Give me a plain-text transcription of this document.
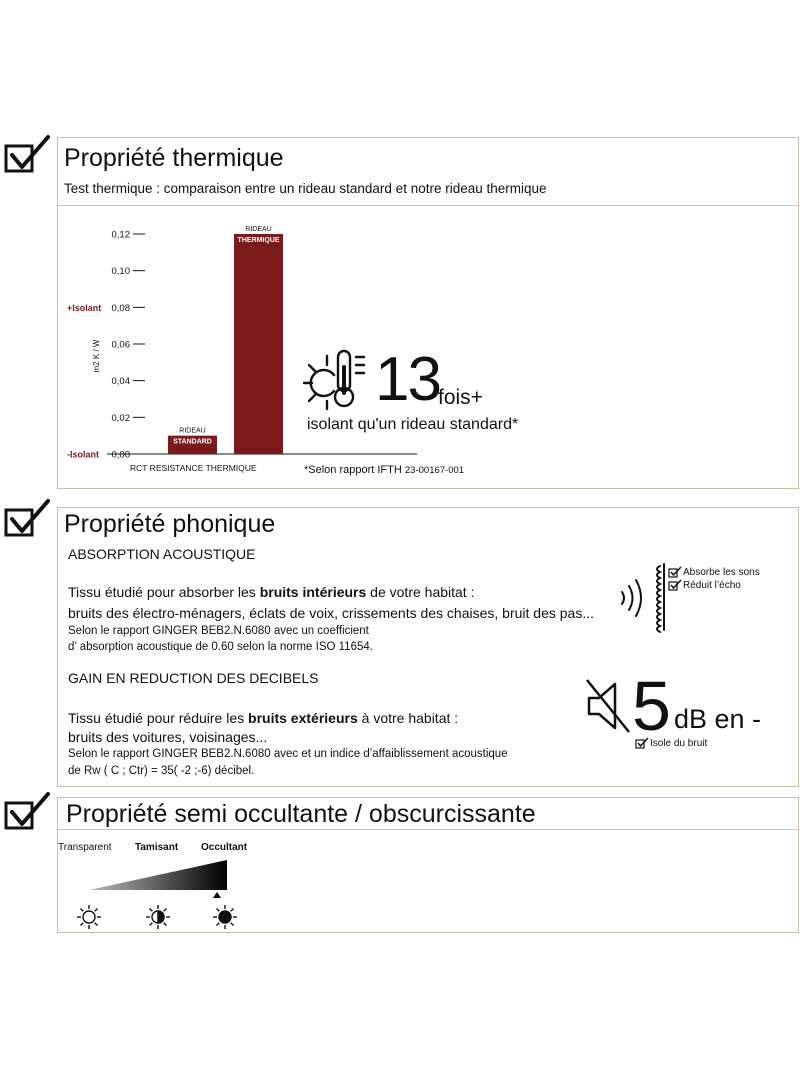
Propriété thermique
Test thermique : comparaison entre un rideau standard et notre rideau thermique
0,00
0,02
0,04
0,06
0,08
0,10
0,12
m2 K / W
+Isolant
-Isolant
RIDEAU
STANDARD
RIDEAU
THERMIQUE
RCT RESISTANCE THERMIQUE
13
fois+
isolant qu'un rideau standard*
*Selon rapport IFTH 23-00167-001
Propriété phonique
ABSORPTION ACOUSTIQUE
Tissu étudié pour absorber les bruits intérieurs de votre habitat :
bruits des électro-ménagers, éclats de voix, crissements des chaises, bruit des pas...
Selon le rapport GINGER BEB2.N.6080 avec un coefficient
d’ absorption acoustique de 0.60 selon la norme ISO 11654.
Absorbe les sons
Réduit l’écho
GAIN EN REDUCTION DES DECIBELS
Tissu étudié pour réduire les bruits extérieurs à votre habitat :
bruits des voitures, voisinages...
Selon le rapport GINGER BEB2.N.6080 avec et un indice d’affaiblissement acoustique
de Rw ( C ; Ctr) = 35( -2 ;-6) décibel.
5 dB en -
Isole du bruit
Propriété semi occultante / obscurcissante
Transparent Tamisant Occultant
